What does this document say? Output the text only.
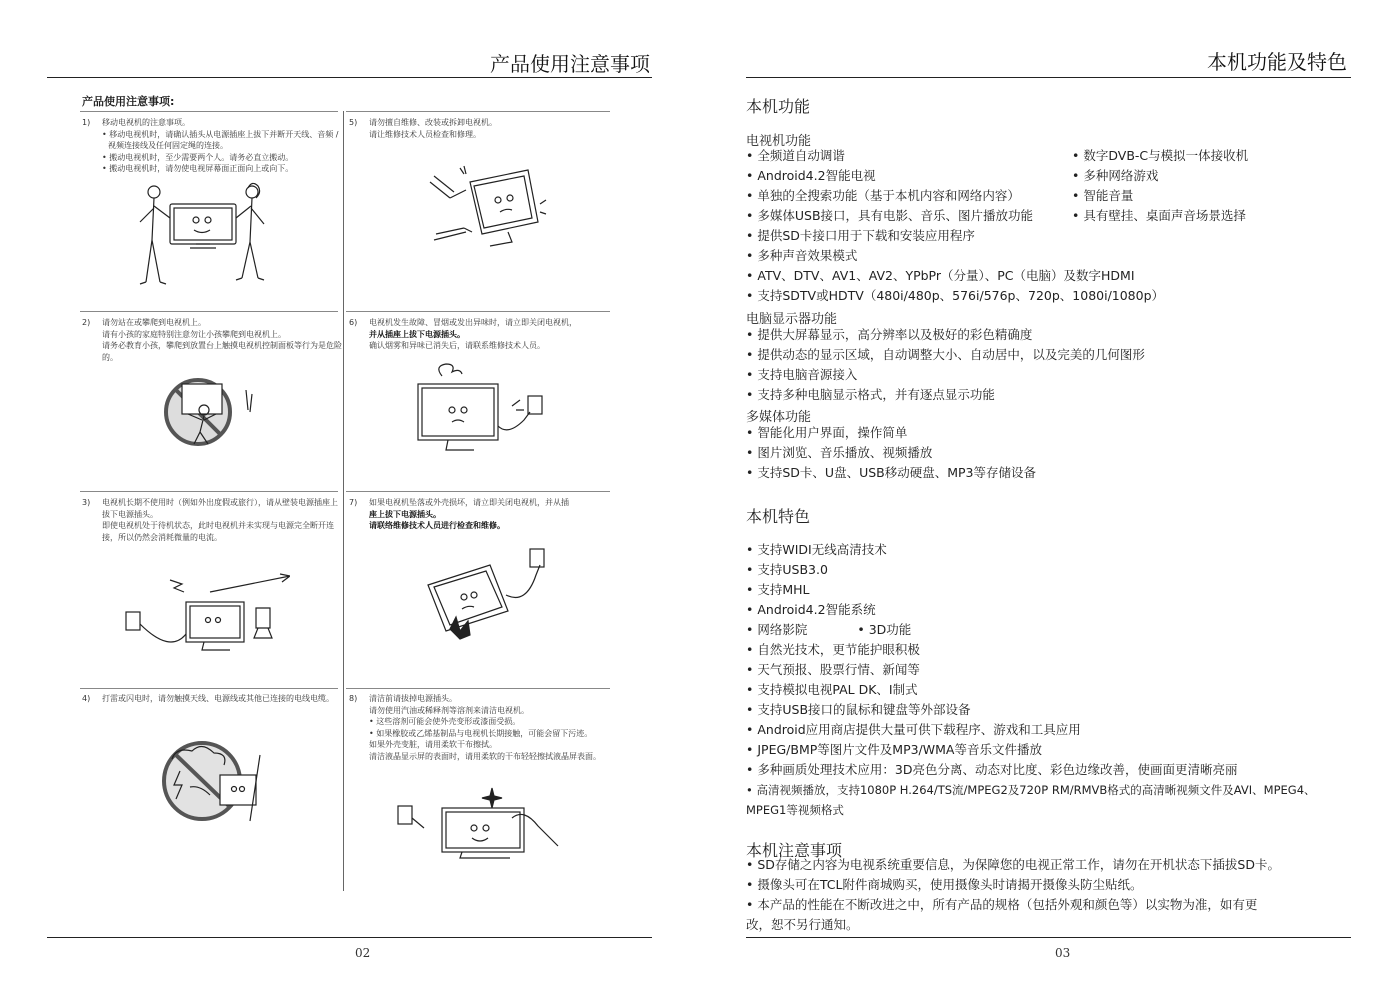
产品使用注意事项
产品使用注意事项:
1) 移动电视机的注意事项。

• 移动电视机时，请确认插头从电源插座上拔下并断开天线、音频 / 视频连接线及任何固定绳的连接。

• 搬动电视机时，至少需要两个人。请务必直立搬动。

• 搬动电视机时，请勿使电视屏幕面正面向上或向下。

5) 请勿擅自维修、改装或拆卸电视机。

请让维修技术人员检查和修理。

2) 请勿站在或攀爬到电视机上。

请有小孩的家庭特别注意勿让小孩攀爬到电视机上。

请务必教育小孩，攀爬到放置台上触摸电视机控制面板等行为是危险的。

6) 电视机发生故障、冒烟或发出异味时，请立即关闭电视机，

并从插座上拔下电源插头。

确认烟雾和异味已消失后，请联系维修技术人员。

3) 电视机长期不使用时（例如外出度假或旅行），请从壁装电源插座上拔下电源插头。

即使电视机处于待机状态，此时电视机并未实现与电源完全断开连接，所以仍然会消耗微量的电流。

7) 如果电视机坠落或外壳损坏，请立即关闭电视机，并从插

座上拔下电源插头。

请联络维修技术人员进行检查和维修。

4) 打雷或闪电时，请勿触摸天线、电源线或其他已连接的电线电缆。	8) 清洁前请拔掉电源插头。

请勿使用汽油或稀释剂等溶剂来清洁电视机。

• 这些溶剂可能会使外壳变形或漆面受损。

• 如果橡胶或乙烯基制品与电视机长期接触，可能会留下污迹。

如果外壳变脏，请用柔软干布擦拭。

清洁液晶显示屏的表面时，请用柔软的干布轻轻擦拭液晶屏表面。

02
本机功能及特色
本机功能
电视机功能
• 全频道自动调谐
• Android4.2智能电视
• 单独的全搜索功能（基于本机内容和网络内容）
• 多媒体USB接口，具有电影、音乐、图片播放功能
• 提供SD卡接口用于下载和安装应用程序
• 多种声音效果模式
• ATV、DTV、AV1、AV2、YPbPr（分量）、PC（电脑）及数字HDMI
• 支持SDTV或HDTV（480i/480p、576i/576p、720p、1080i/1080p）
• 数字DVB-C与模拟一体接收机
• 多种网络游戏
• 智能音量
• 具有壁挂、桌面声音场景选择
电脑显示器功能
• 提供大屏幕显示，高分辨率以及极好的彩色精确度
• 提供动态的显示区域，自动调整大小、自动居中，以及完美的几何图形
• 支持电脑音源接入
• 支持多种电脑显示格式，并有逐点显示功能
多媒体功能
• 智能化用户界面，操作简单
• 图片浏览、音乐播放、视频播放
• 支持SD卡、U盘、USB移动硬盘、MP3等存储设备
本机特色
• 支持WIDI无线高清技术
• 支持USB3.0
• 支持MHL
• Android4.2智能系统
• 网络影院	• 3D功能
• 自然光技术，更节能护眼积极
• 天气预报、股票行情、新闻等
• 支持模拟电视PAL DK、I制式
• 支持USB接口的鼠标和键盘等外部设备
• Android应用商店提供大量可供下载程序、游戏和工具应用
• JPEG/BMP等图片文件及MP3/WMA等音乐文件播放
• 多种画质处理技术应用：3D亮色分离、动态对比度、彩色边缘改善，使画面更清晰亮丽
• 高清视频播放，支持1080P H.264/TS流/MPEG2及720P RM/RMVB格式的高清晰视频文件及AVI、MPEG4、
MPEG1等视频格式
本机注意事项
• SD存储之内容为电视系统重要信息，为保障您的电视正常工作，请勿在开机状态下插拔SD卡。
• 摄像头可在TCL附件商城购买，使用摄像头时请揭开摄像头防尘贴纸。
• 本产品的性能在不断改进之中，所有产品的规格（包括外观和颜色等）以实物为准，如有更
改，恕不另行通知。
03
